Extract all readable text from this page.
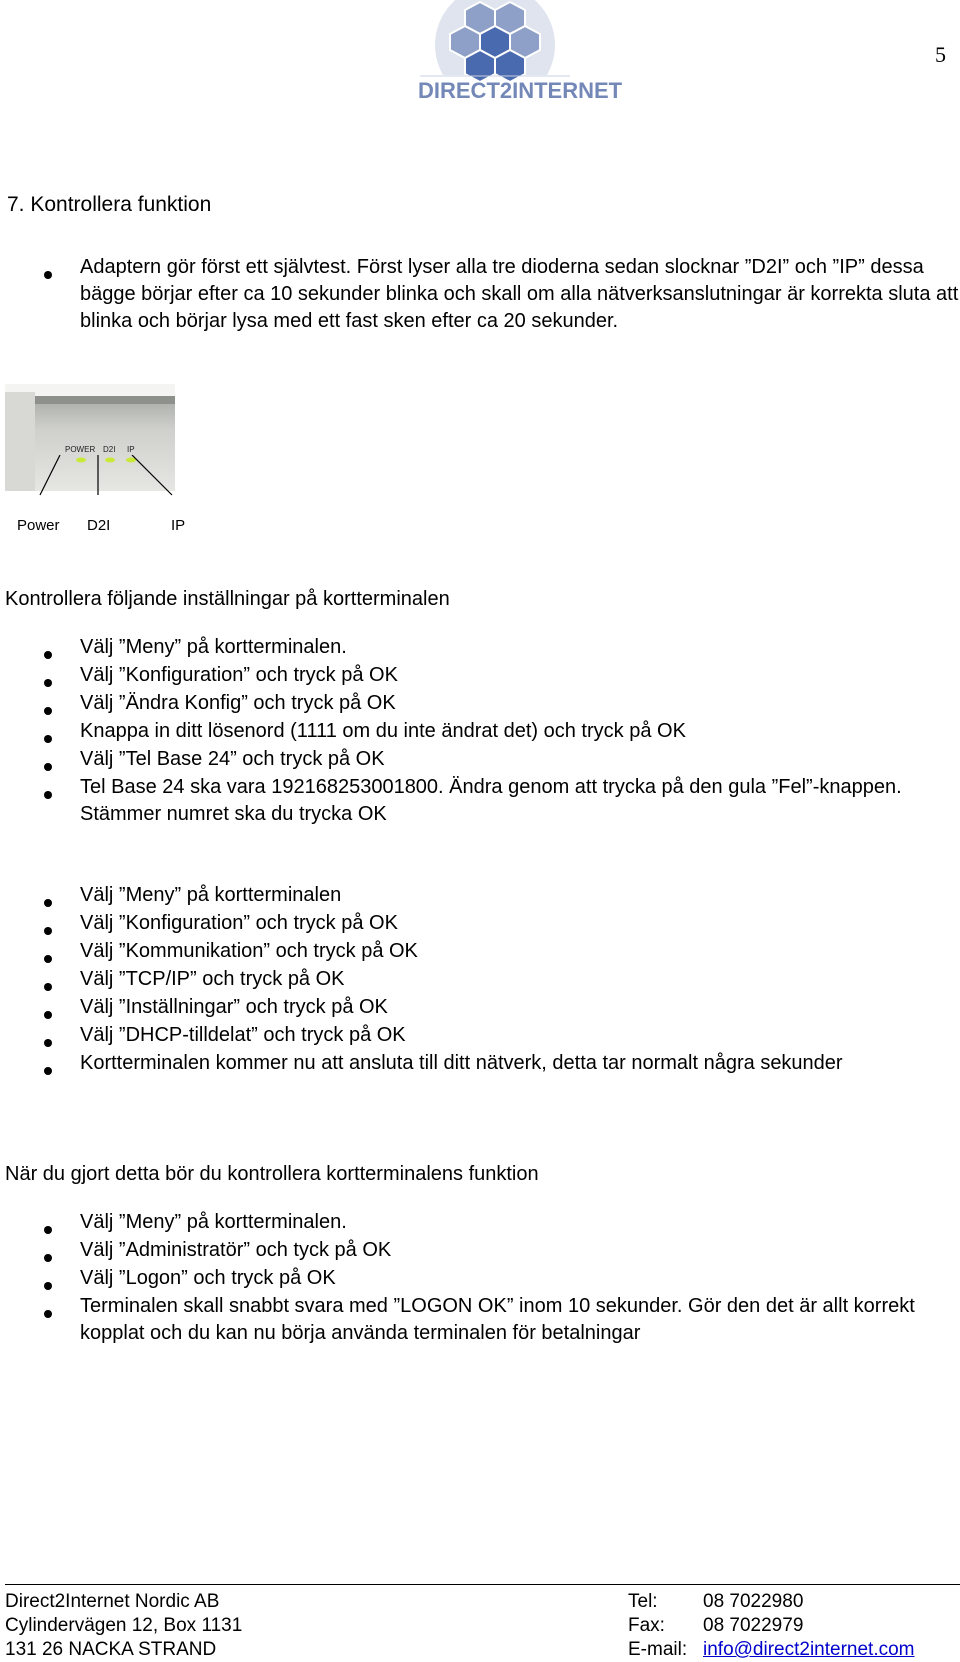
DIRECT2INTERNET
5
7. Kontrollera funktion
Adaptern gör först ett självtest. Först lyser alla tre dioderna sedan slocknar ”D2I” och ”IP” dessa bägge börjar efter ca 10 sekunder blinka och skall om alla nätverksanslutningar är korrekta sluta att blinka och börjar lysa med ett fast sken efter ca 20 sekunder.
POWER D2I IP
Power D2I	IP
Kontrollera följande inställningar på kortterminalen
Välj ”Meny” på kortterminalen.
Välj ”Konfiguration” och tryck på OK
Välj ”Ändra Konfig” och tryck på OK
Knappa in ditt lösenord (1111 om du inte ändrat det) och tryck på OK
Välj ”Tel Base 24” och tryck på OK
Tel Base 24 ska vara 192168253001800. Ändra genom att trycka på den gula ”Fel”-knappen. Stämmer numret ska du trycka OK
Välj ”Meny” på kortterminalen
Välj ”Konfiguration” och tryck på OK
Välj ”Kommunikation” och tryck på OK
Välj ”TCP/IP” och tryck på OK
Välj ”Inställningar” och tryck på OK
Välj ”DHCP-tilldelat” och tryck på OK
Kortterminalen kommer nu att ansluta till ditt nätverk, detta tar normalt några sekunder
När du gjort detta bör du kontrollera kortterminalens funktion
Välj ”Meny” på kortterminalen.
Välj ”Administratör” och tyck på OK
Välj ”Logon” och tryck på OK
Terminalen skall snabbt svara med ”LOGON OK” inom 10 sekunder. Gör den det är allt korrekt kopplat och du kan nu börja använda terminalen för betalningar
Direct2Internet Nordic AB
Cylindervägen 12, Box 1131
131 26 NACKA STRAND
Tel: 08 7022980
Fax: 08 7022979
E-mail: info@direct2internet.com
